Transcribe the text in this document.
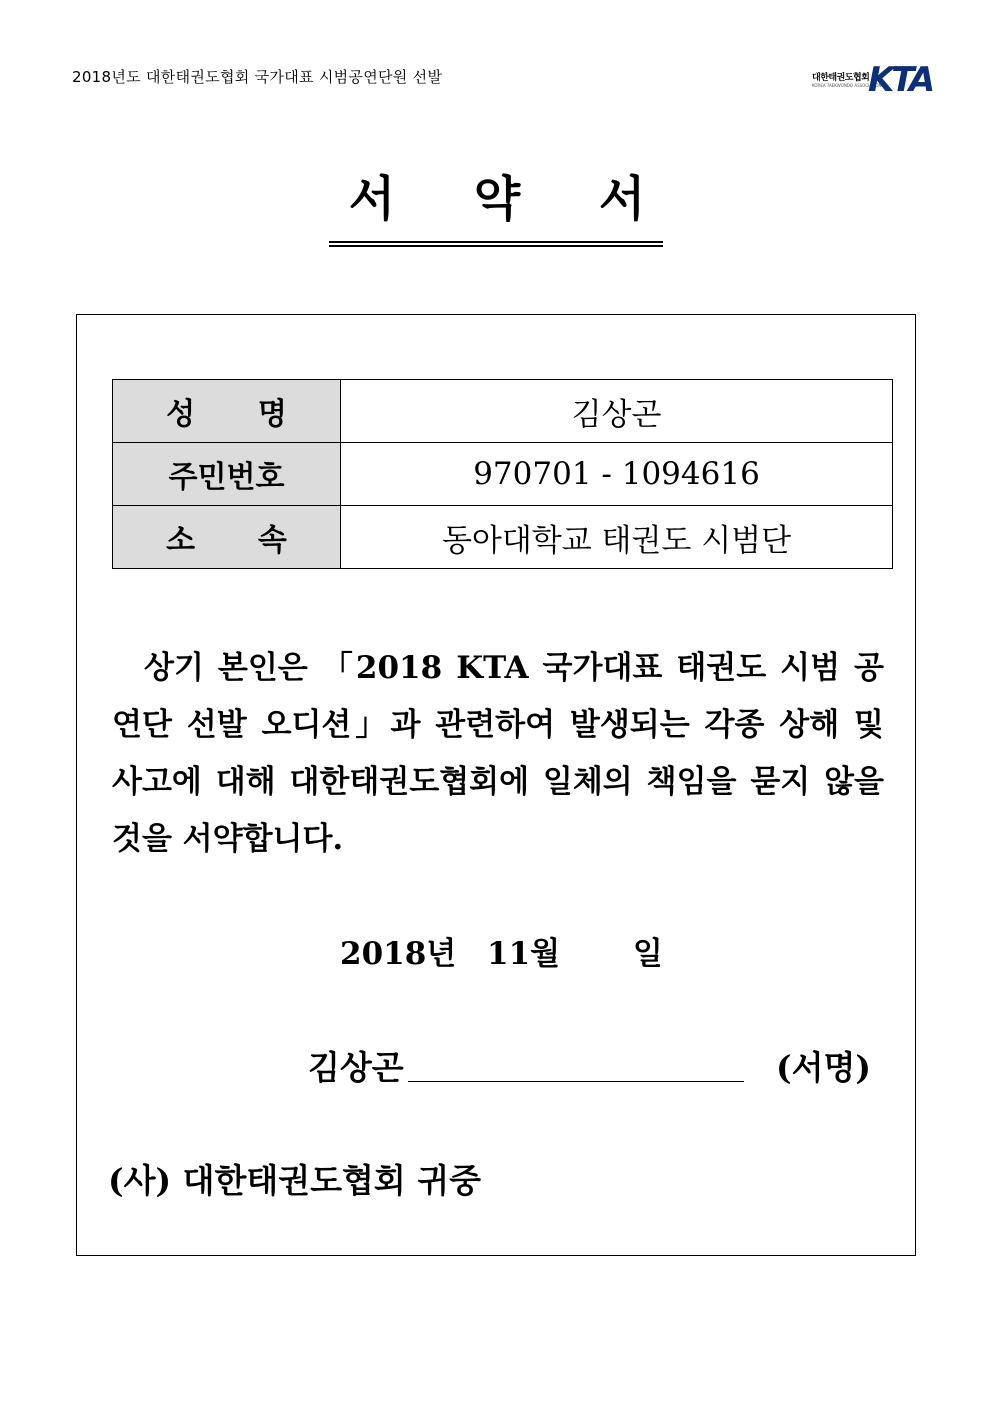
2018년도 대한태권도협회 국가대표 시범공연단원 선발	대한태권도협회
KOREA TAEKWONDO ASSOCIATION
KTA
서 약 서
성      명	김상곤
주민번호	970701 - 1094616
소      속	동아대학교 태권도 시범단
상기 본인은 「2018 KTA 국가대표 태권도 시범 공연단 선발 오디션」과 관련하여 발생되는 각종 상해 및 사고에 대해 대한태권도협회에 일체의 책임을 묻지 않을 것을 서약합니다.
2018년 11월 일
김상곤	(서명)
(사) 대한태권도협회 귀중
